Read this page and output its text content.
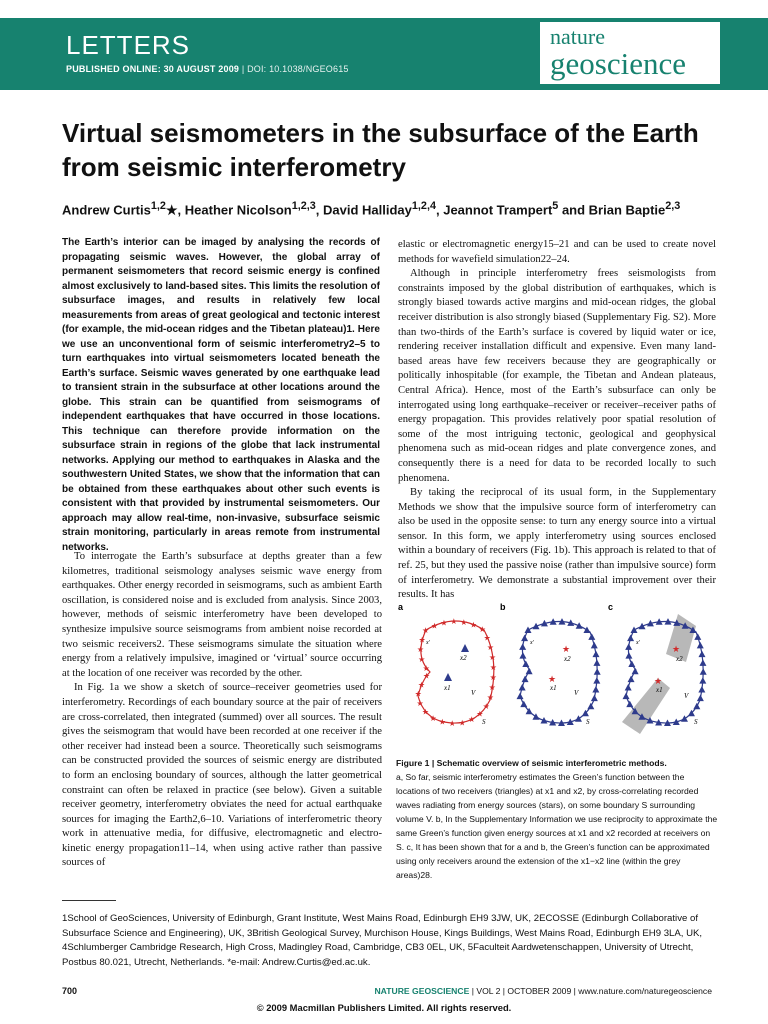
LETTERS
PUBLISHED ONLINE: 30 AUGUST 2009 | DOI: 10.1038/NGEO615
nature
geoscience
Virtual seismometers in the subsurface of the Earth from seismic interferometry
Andrew Curtis$^{1,2}$★, Heather Nicolson$^{1,2,3}$, David Halliday$^{1,2,4}$, Jeannot Trampert$^5$ and Brian Baptie$^{2,3}$
The Earth’s interior can be imaged by analysing the records of propagating seismic waves. However, the global array of permanent seismometers that record seismic energy is confined almost exclusively to land-based sites. This limits the resolution of subsurface images, and results in relatively few local measurements from areas of great geological and tectonic interest (for example, the mid-ocean ridges and the Tibetan plateau)1. Here we use an unconventional form of seismic interferometry2–5 to turn earthquakes into virtual seismometers located beneath the Earth’s surface. Seismic waves generated by one earthquake lead to transient strain in the subsurface at other locations around the globe. This strain can be quantified from seismograms of independent earthquakes that have occurred in those locations. This technique can therefore provide information on the subsurface strain in regions of the globe that lack instrumental networks. Applying our method to earthquakes in Alaska and the southwestern United States, we show that the information that can be obtained from these earthquakes about other such events is consistent with that provided by instrumental seismometers. Our approach may allow real-time, non-invasive, subsurface seismic strain monitoring, particularly in areas remote from instrumental networks.

To interrogate the Earth’s subsurface at depths greater than a few kilometres, traditional seismology analyses seismic wave energy from earthquakes. Other energy recorded in seismograms, such as ambient Earth oscillation, is considered noise and is excluded from analysis. Since 2003, however, methods of seismic interferometry have been developed to synthesize impulsive source seismograms from ambient noise recorded at two seismic receivers2. These seismograms simulate the situation where energy from a relatively impulsive, imagined or ‘virtual’ source occurring at the location of one receiver was recorded by the other.

In Fig. 1a we show a sketch of source–receiver geometries used for interferometry. Recordings of each boundary source at the pair of receivers are cross-correlated, then integrated (summed) over all sources. The result gives the seismogram that would have been recorded at one receiver if the other receiver had instead been a source. Theoretically such seismograms can be constructed provided the sources of seismic energy are distributed to form an enclosing boundary of sources, although the latter geometrical constraint can often be relaxed in practice (see below). Given a suitable receiver geometry, interferometry obviates the need for actual earthquake sources for imaging the Earth2,6–10. Variations of interferometric theory work in attenuative media, for diffusive, electromagnetic and electro-kinetic energy propagation11–14, when using active rather than passive sources of

elastic or electromagnetic energy15–21 and can be used to create novel methods for wavefield simulation22–24.

Although in principle interferometry frees seismologists from constraints imposed by the global distribution of earthquakes, which is strongly biased towards active margins and mid-ocean ridges, the global receiver distribution is also strongly biased (Supplementary Fig. S2). More than two-thirds of the Earth’s surface is covered by liquid water or ice, rendering receiver installation difficult and expensive. Even many land-based areas have few receivers because they are geographically or politically inhospitable (for example, the Tibetan and Andean plateaus, Central Africa). Hence, most of the Earth’s subsurface can only be interrogated using long earthquake–receiver or receiver–receiver paths of energy propagation. This provides relatively poor spatial resolution of some of the most intriguing tectonic, geological and geophysical phenomena such as mid-ocean ridges and plate convergence zones, and consequently there is a need for data to be recorded locally to such phenomena.

By taking the reciprocal of its usual form, in the Supplementary Methods we show that the impulsive source form of interferometry can also be used in the opposite sense: to turn any energy source into a virtual sensor. In this form, we apply interferometry using sources enclosed within a boundary of receivers (Fig. 1b). This approach is related to that of ref. 25, but they used the passive noise (rather than impulsive source) form of interferometry. We demonstrate a substantial improvement over their results. It has

a	b	c
★
★ ★ ★ ★ ★
★
★
★
★
★
★
★
★
★
★
★
★
★
★
★
★
★
★
★
★
★
★
★
★
x2
x1
V
S
x′
★
★
x2
x1
V
S
x′
★
★
x2
x1
V
S
x′
Figure 1 | Schematic overview of seismic interferometric methods.
a, So far, seismic interferometry estimates the Green’s function between the locations of two receivers (triangles) at x1 and x2, by cross-correlating recorded waves radiating from energy sources (stars), on some boundary S surrounding volume V. b, In the Supplementary Information we use reciprocity to approximate the same Green’s function given energy sources at x1 and x2 recorded at receivers on S. c, It has been shown that for a and b, the Green’s function can be approximated using only receivers around the extension of the x1−x2 line (within the grey areas)28.
1School of GeoSciences, University of Edinburgh, Grant Institute, West Mains Road, Edinburgh EH9 3JW, UK, 2ECOSSE (Edinburgh Collaborative of Subsurface Science and Engineering), UK, 3British Geological Survey, Murchison House, Kings Buildings, West Mains Road, Edinburgh EH9 3LA, UK, 4Schlumberger Cambridge Research, High Cross, Madingley Road, Cambridge, CB3 0EL, UK, 5Faculteit Aardwetenschappen, University of Utrecht, Postbus 80.021, Utrecht, Netherlands. *e-mail: Andrew.Curtis@ed.ac.uk.
700	NATURE GEOSCIENCE | VOL 2 | OCTOBER 2009 | www.nature.com/naturegeoscience
© 2009 Macmillan Publishers Limited. All rights reserved.
